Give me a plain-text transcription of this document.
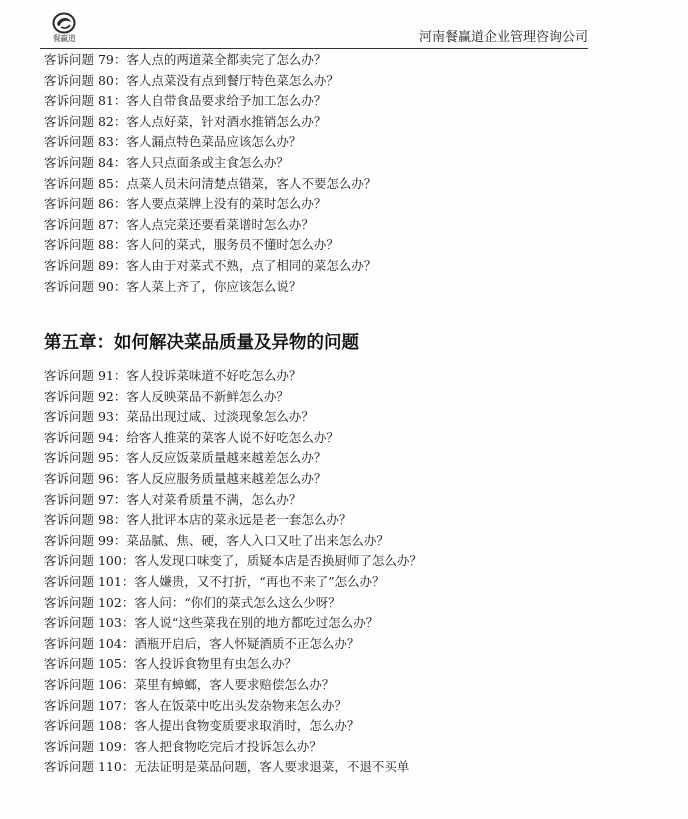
餐赢道	河南餐赢道企业管理咨询公司
客诉问题 79：客人点的两道菜全都卖完了怎么办？
客诉问题 80：客人点菜没有点到餐厅特色菜怎么办？
客诉问题 81：客人自带食品要求给予加工怎么办？
客诉问题 82：客人点好菜，针对酒水推销怎么办？
客诉问题 83：客人漏点特色菜品应该怎么办？
客诉问题 84：客人只点面条或主食怎么办？
客诉问题 85：点菜人员未问清楚点错菜，客人不要怎么办？
客诉问题 86：客人要点菜牌上没有的菜时怎么办？
客诉问题 87：客人点完菜还要看菜谱时怎么办？
客诉问题 88：客人问的菜式，服务员不懂时怎么办？
客诉问题 89：客人由于对菜式不熟，点了相同的菜怎么办？
客诉问题 90：客人菜上齐了，你应该怎么说？
第五章：如何解决菜品质量及异物的问题
客诉问题 91：客人投诉菜味道不好吃怎么办？
客诉问题 92：客人反映菜品不新鲜怎么办？
客诉问题 93：菜品出现过咸、过淡现象怎么办？
客诉问题 94：给客人推菜的菜客人说不好吃怎么办？
客诉问题 95：客人反应饭菜质量越来越差怎么办？
客诉问题 96：客人反应服务质量越来越差怎么办？
客诉问题 97：客人对菜肴质量不满，怎么办？
客诉问题 98：客人批评本店的菜永远是老一套怎么办？
客诉问题 99：菜品腻、焦、硬，客人入口又吐了出来怎么办？
客诉问题 100：客人发现口味变了，质疑本店是否换厨师了怎么办？
客诉问题 101：客人嫌贵，又不打折，“再也不来了”怎么办？
客诉问题 102：客人问：“你们的菜式怎么这么少呀？
客诉问题 103：客人说“这些菜我在别的地方都吃过怎么办？
客诉问题 104：酒瓶开启后，客人怀疑酒质不正怎么办？
客诉问题 105：客人投诉食物里有虫怎么办？
客诉问题 106：菜里有蟑螂，客人要求赔偿怎么办？
客诉问题 107：客人在饭菜中吃出头发杂物来怎么办？
客诉问题 108：客人提出食物变质要求取消时，怎么办？
客诉问题 109：客人把食物吃完后才投诉怎么办？
客诉问题 110：无法证明是菜品问题，客人要求退菜，不退不买单
